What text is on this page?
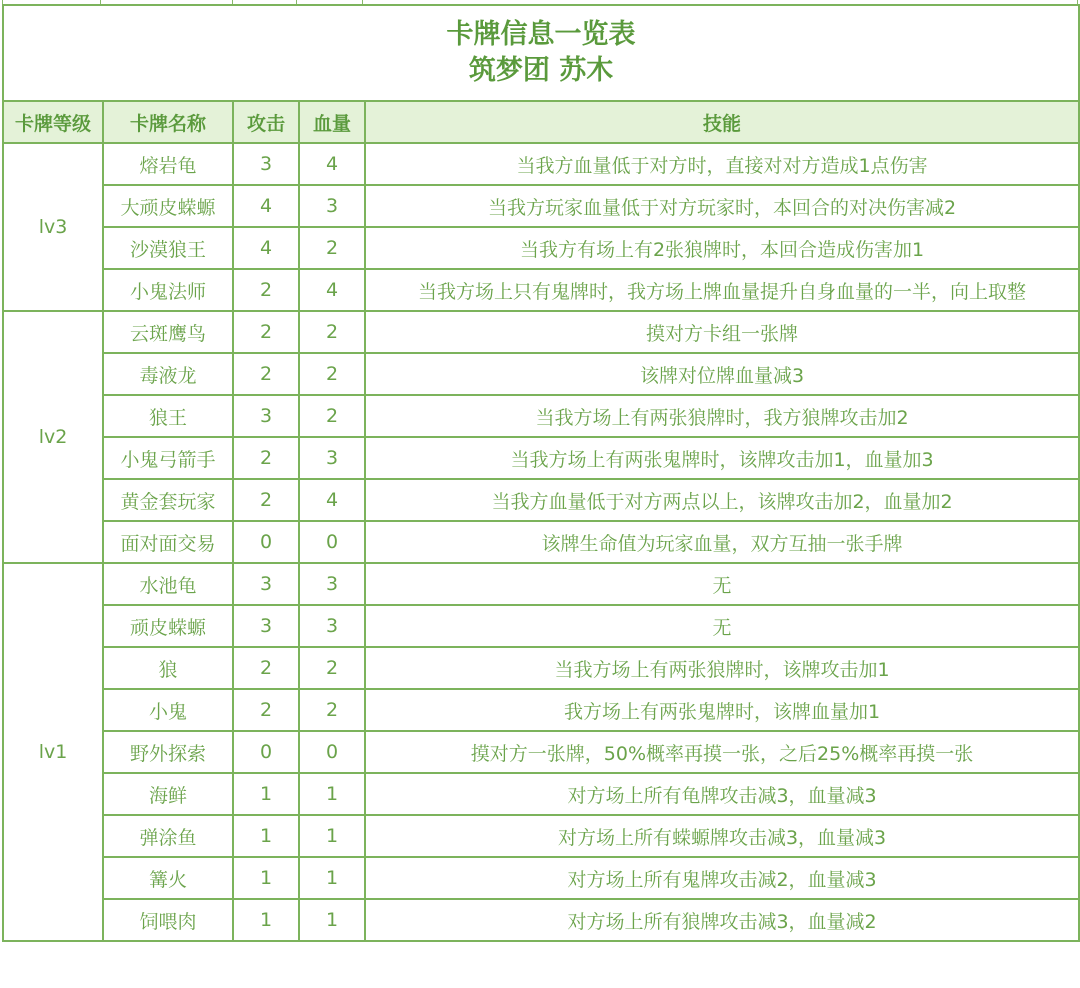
卡牌信息一览表
筑梦团 苏木				

卡牌等级	卡牌名称	攻击	血量	技能
lv3	熔岩龟	3	4	当我方血量低于对方时，直接对对方造成1点伤害
	大顽皮蝾螈	4	3	当我方玩家血量低于对方玩家时，本回合的对决伤害减2
	沙漠狼王	4	2	当我方有场上有2张狼牌时，本回合造成伤害加1
	小鬼法师	2	4	当我方场上只有鬼牌时，我方场上牌血量提升自身血量的一半，向上取整
lv2	云斑鹰鸟	2	2	摸对方卡组一张牌
	毒液龙	2	2	该牌对位牌血量减3
	狼王	3	2	当我方场上有两张狼牌时，我方狼牌攻击加2
	小鬼弓箭手	2	3	当我方场上有两张鬼牌时，该牌攻击加1，血量加3
	黄金套玩家	2	4	当我方血量低于对方两点以上，该牌攻击加2，血量加2
	面对面交易	0	0	该牌生命值为玩家血量，双方互抽一张手牌
lv1	水池龟	3	3	无
	顽皮蝾螈	3	3	无
	狼	2	2	当我方场上有两张狼牌时，该牌攻击加1
	小鬼	2	2	我方场上有两张鬼牌时，该牌血量加1
	野外探索	0	0	摸对方一张牌，50%概率再摸一张，之后25%概率再摸一张
	海鲜	1	1	对方场上所有龟牌攻击减3，血量减3
	弹涂鱼	1	1	对方场上所有蝾螈牌攻击减3，血量减3
	篝火	1	1	对方场上所有鬼牌攻击减2，血量减3
	饲喂肉	1	1	对方场上所有狼牌攻击减3，血量减2
